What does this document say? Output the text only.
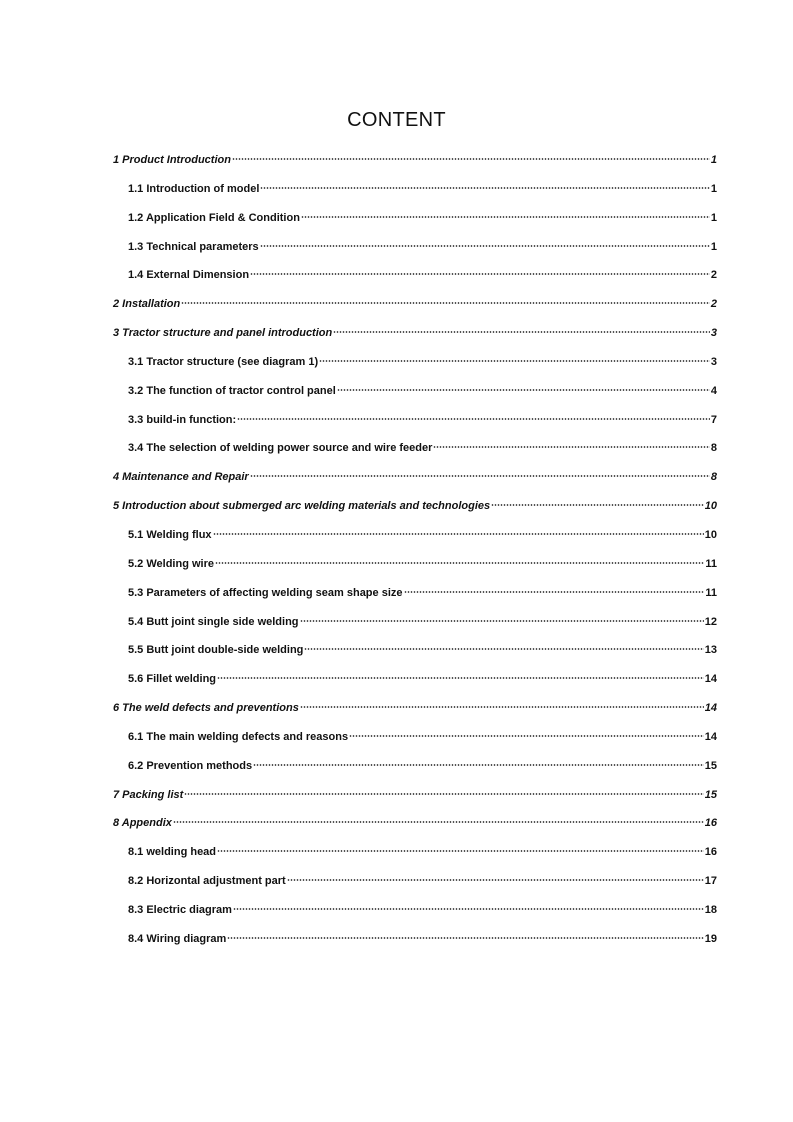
CONTENT
1 Product Introduction	1
1.1 Introduction of model	1
1.2 Application Field & Condition	1
1.3 Technical parameters	1
1.4 External Dimension	2
2 Installation	2
3 Tractor structure and panel introduction	3
3.1 Tractor structure (see diagram 1)	3
3.2 The function of tractor control panel	4
3.3 build-in function:	7
3.4 The selection of welding power source and wire feeder	8
4 Maintenance and Repair	8
5 Introduction about submerged arc welding materials and technologies	10
5.1 Welding flux	10
5.2 Welding wire	11
5.3 Parameters of affecting welding seam shape size	11
5.4 Butt joint single side welding	12
5.5 Butt joint double-side welding	13
5.6 Fillet welding	14
6 The weld defects and preventions	14
6.1 The main welding defects and reasons	14
6.2 Prevention methods	15
7 Packing list	15
8 Appendix	16
8.1 welding head	16
8.2 Horizontal adjustment part	17
8.3 Electric diagram	18
8.4 Wiring diagram	19
